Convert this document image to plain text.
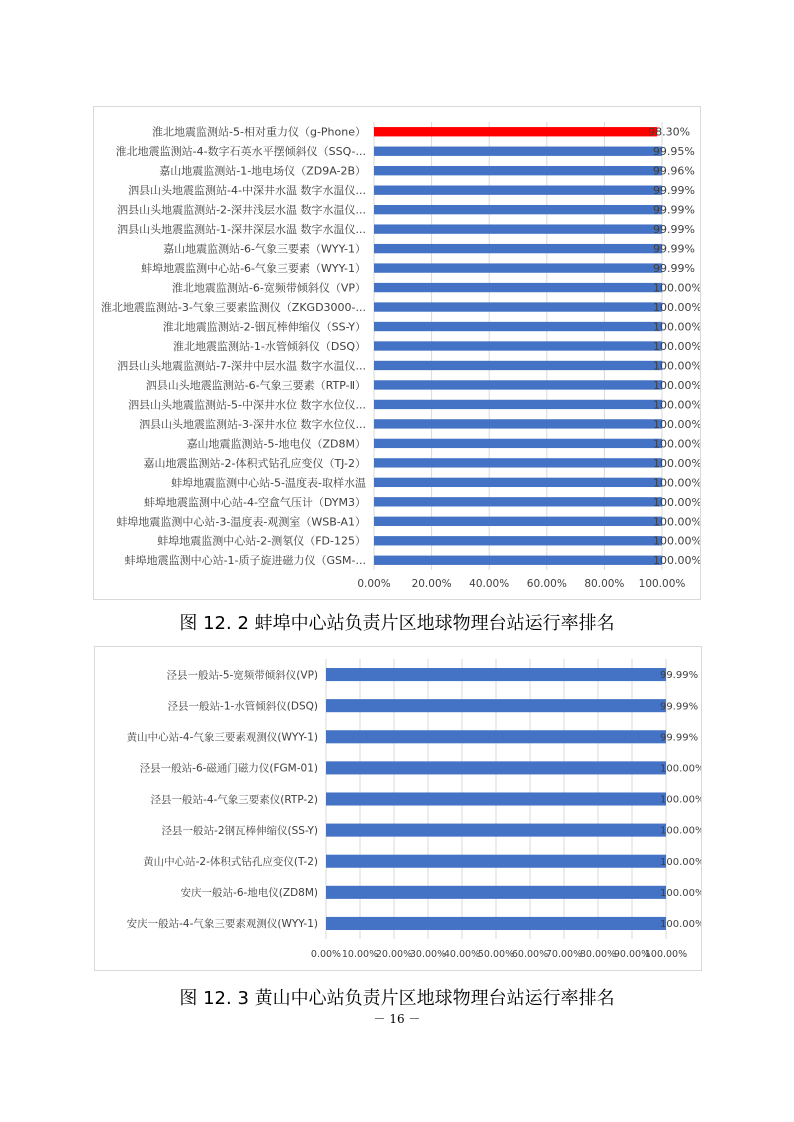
0.00% 20.00% 40.00% 60.00% 80.00% 100.00%
淮北地震监测站-5-相对重力仪（g-Phone）	98.30%
淮北地震监测站-4-数字石英水平摆倾斜仪（SSQ-...	99.95%
嘉山地震监测站-1-地电场仪（ZD9A-2B）	99.96%
泗县山头地震监测站-4-中深井水温 数字水温仪...	99.99%
泗县山头地震监测站-2-深井浅层水温 数字水温仪...	99.99%
泗县山头地震监测站-1-深井深层水温 数字水温仪...	99.99%
嘉山地震监测站-6-气象三要素（WYY-1）	99.99%
蚌埠地震监测中心站-6-气象三要素（WYY-1）	99.99%
淮北地震监测站-6-宽频带倾斜仪（VP）	100.00%
淮北地震监测站-3-气象三要素监测仪（ZKGD3000-...	100.00%
淮北地震监测站-2-铟瓦棒伸缩仪（SS-Y）	100.00%
淮北地震监测站-1-水管倾斜仪（DSQ）	100.00%
泗县山头地震监测站-7-深井中层水温 数字水温仪...	100.00%
泗县山头地震监测站-6-气象三要素（RTP-Ⅱ）	100.00%
泗县山头地震监测站-5-中深井水位 数字水位仪...	100.00%
泗县山头地震监测站-3-深井水位 数字水位仪...	100.00%
嘉山地震监测站-5-地电仪（ZD8M）	100.00%
嘉山地震监测站-2-体积式钻孔应变仪（TJ-2）	100.00%
蚌埠地震监测中心站-5-温度表-取样水温	100.00%
蚌埠地震监测中心站-4-空盒气压计（DYM3）	100.00%
蚌埠地震监测中心站-3-温度表-观测室（WSB-A1）	100.00%
蚌埠地震监测中心站-2-测氡仪（FD-125）	100.00%
蚌埠地震监测中心站-1-质子旋进磁力仪（GSM-...	100.00%
图 12. 2 蚌埠中心站负责片区地球物理台站运行率排名
0.00% 10.00%
20.00%
30.00%
40.00%
50.00%
60.00%
70.00%
80.00%
90.00%
100.00%
泾县一般站-5-宽频带倾斜仪(VP)	99.99%
泾县一般站-1-水管倾斜仪(DSQ)	99.99%
黄山中心站-4-气象三要素观测仪(WYY-1)	99.99%
泾县一般站-6-磁通门磁力仪(FGM-01)	100.00%
泾县一般站-4-气象三要素仪(RTP-2)	100.00%
泾县一般站-2钢瓦棒伸缩仪(SS-Y)	100.00%
黄山中心站-2-体积式钻孔应变仪(T-2)	100.00%
安庆一般站-6-地电仪(ZD8M)	100.00%
安庆一般站-4-气象三要素观测仪(WYY-1)	100.00%
图 12. 3 黄山中心站负责片区地球物理台站运行率排名
－ 16 －
